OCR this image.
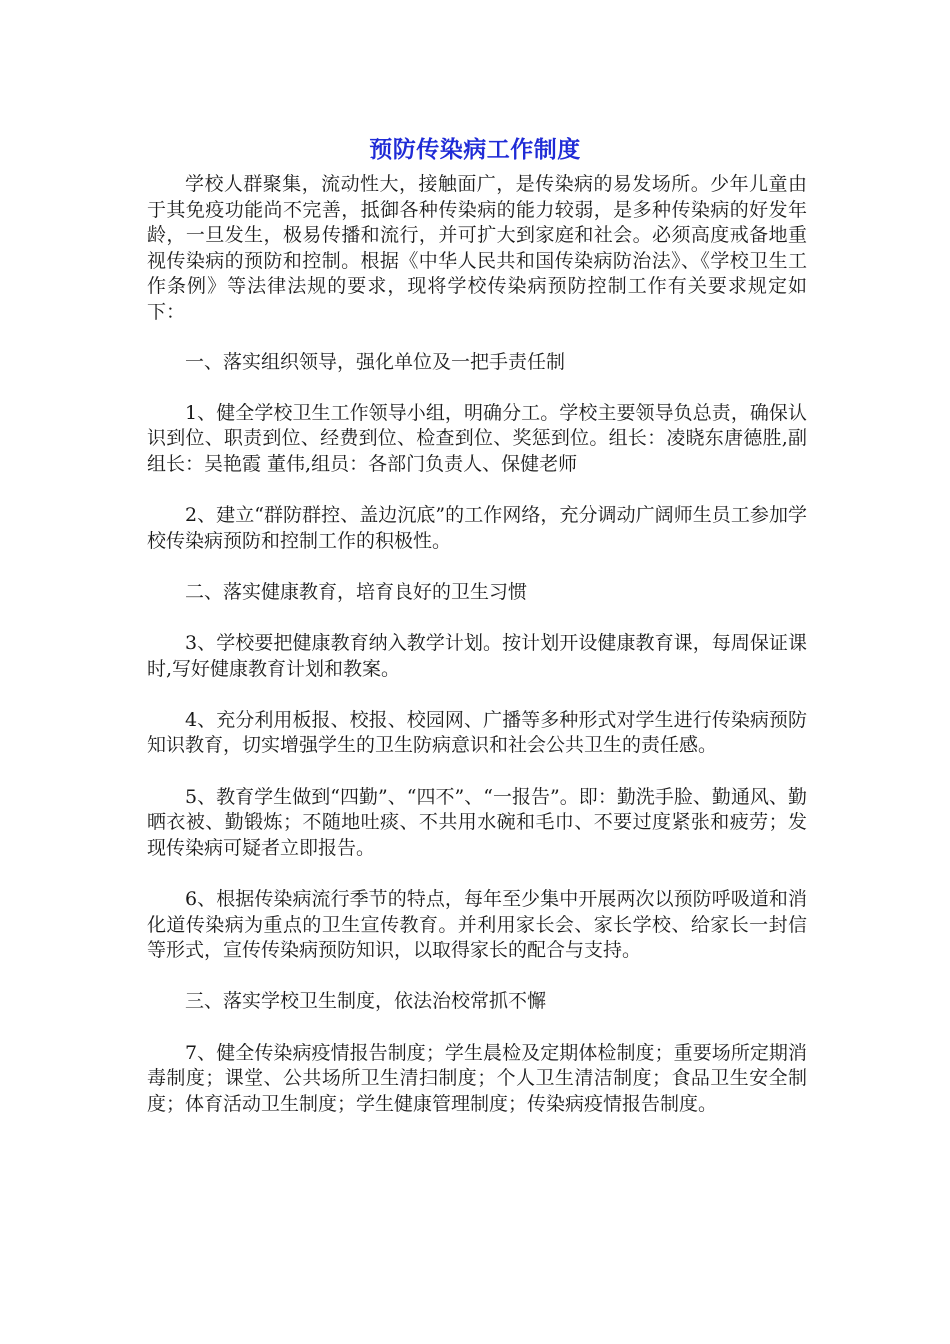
预防传染病工作制度

学校人群聚集，流动性大，接触面广，是传染病的易发场所。少年儿童由于其免疫功能尚不完善，抵御各种传染病的能力较弱，是多种传染病的好发年龄，一旦发生，极易传播和流行，并可扩大到家庭和社会。必须高度戒备地重视传染病的预防和控制。根据《中华人民共和国传染病防治法》、《学校卫生工作条例》等法律法规的要求，现将学校传染病预防控制工作有关要求规定如下：

一、落实组织领导，强化单位及一把手责任制

1、健全学校卫生工作领导小组，明确分工。学校主要领导负总责，确保认识到位、职责到位、经费到位、检查到位、奖惩到位。组长：凌晓东唐德胜,副组长：吴艳霞 董伟,组员：各部门负责人、保健老师

2、建立“群防群控、盖边沉底”的工作网络，充分调动广阔师生员工参加学校传染病预防和控制工作的积极性。

二、落实健康教育，培育良好的卫生习惯

3、学校要把健康教育纳入教学计划。按计划开设健康教育课，每周保证课时,写好健康教育计划和教案。

4、充分利用板报、校报、校园网、广播等多种形式对学生进行传染病预防知识教育，切实增强学生的卫生防病意识和社会公共卫生的责任感。

5、教育学生做到“四勤”、“四不”、“一报告”。即：勤洗手脸、勤通风、勤晒衣被、勤锻炼；不随地吐痰、不共用水碗和毛巾、不要过度紧张和疲劳；发现传染病可疑者立即报告。

6、根据传染病流行季节的特点，每年至少集中开展两次以预防呼吸道和消化道传染病为重点的卫生宣传教育。并利用家长会、家长学校、给家长一封信等形式，宣传传染病预防知识，以取得家长的配合与支持。

三、落实学校卫生制度，依法治校常抓不懈

7、健全传染病疫情报告制度；学生晨检及定期体检制度；重要场所定期消毒制度；课堂、公共场所卫生清扫制度；个人卫生清洁制度；食品卫生安全制度；体育活动卫生制度；学生健康管理制度；传染病疫情报告制度。
